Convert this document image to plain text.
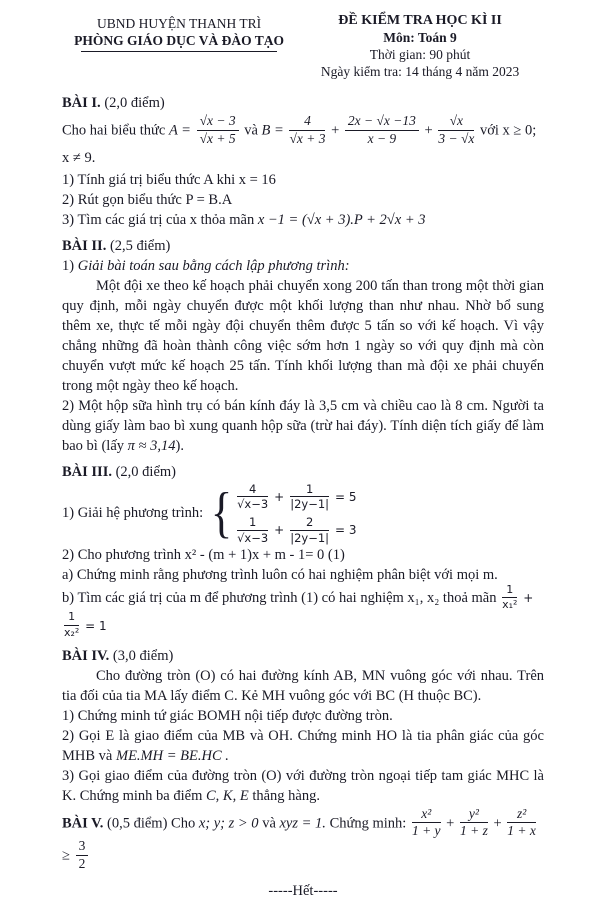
UBND HUYỆN THANH TRÌ
PHÒNG GIÁO DỤC VÀ ĐÀO TẠO
ĐỀ KIỂM TRA HỌC KÌ II
Môn: Toán 9
Thời gian: 90 phút
Ngày kiểm tra: 14 tháng 4 năm 2023

BÀI I. (2,0 điểm)

Cho hai biểu thức $A = \frac{√x - 3}{√x + 5}$ và $B = \frac{4}{√x + 3} + \frac{2x - √x -13}{x - 9} + \frac{√x}{3 - √x}$ với x ≥ 0; x ≠ 9.

1) Tính giá trị biểu thức A khi x = 16

2) Rút gọn biểu thức P = B.A

3) Tìm các giá trị của x thỏa mãn x −1 = (√x + 3).P + 2√x + 3

BÀI II. (2,5 điểm)

1) Giải bài toán sau bằng cách lập phương trình:

Một đội xe theo kế hoạch phải chuyển xong 200 tấn than trong một thời gian quy định, mỗi ngày chuyển được một khối lượng than như nhau. Nhờ bổ sung thêm xe, thực tế mỗi ngày đội chuyển thêm được 5 tấn so với kế hoạch. Vì vậy chẳng những đã hoàn thành công việc sớm hơn 1 ngày so với quy định mà còn chuyển vượt mức kế hoạch 25 tấn. Tính khối lượng than mà đội xe phải chuyển trong một ngày theo kế hoạch.

2) Một hộp sữa hình trụ có bán kính đáy là 3,5 cm và chiều cao là 8 cm. Người ta dùng giấy làm bao bì xung quanh hộp sữa (trừ hai đáy). Tính diện tích giấy để làm bao bì (lấy π ≈ 3,14).

BÀI III. (2,0 điểm)

1) Giải hệ phương trình: { $\frac{4}{√x-3} + \frac{1}{|2y-1|} = 5$
$\frac{1}{√x-3} + \frac{2}{|2y-1|} = 3$

2) Cho phương trình x² - (m + 1)x + m - 1= 0 (1)

a) Chứng minh rằng phương trình luôn có hai nghiệm phân biệt với mọi m.

b) Tìm các giá trị của m để phương trình (1) có hai nghiệm x₁, x₂ thoả mãn $\frac{1}{\text{x₁²}}$ +
$\frac{1}{\text{x₂²}} = 1$

BÀI IV. (3,0 điểm)

Cho đường tròn (O) có hai đường kính AB, MN vuông góc với nhau. Trên tia đối của tia MA lấy điểm C. Kẻ MH vuông góc với BC (H thuộc BC).

1) Chứng minh tứ giác BOMH nội tiếp được đường tròn.

2) Gọi E là giao điểm của MB và OH. Chứng minh HO là tia phân giác của góc MHB và ME.MH = BE.HC .

3) Gọi giao điểm của đường tròn (O) với đường tròn ngoại tiếp tam giác MHC là K. Chứng minh ba điểm C, K, E thẳng hàng.

BÀI V. (0,5 điểm) Cho x; y; z > 0 và xyz = 1. Chứng minh: $\frac{\text{x²}}{1 + y} + \frac{\text{y²}}{1 + z} + \frac{\text{z²}}{1 + x}$
≥ $\frac{3}{2}$

-----Hết-----
